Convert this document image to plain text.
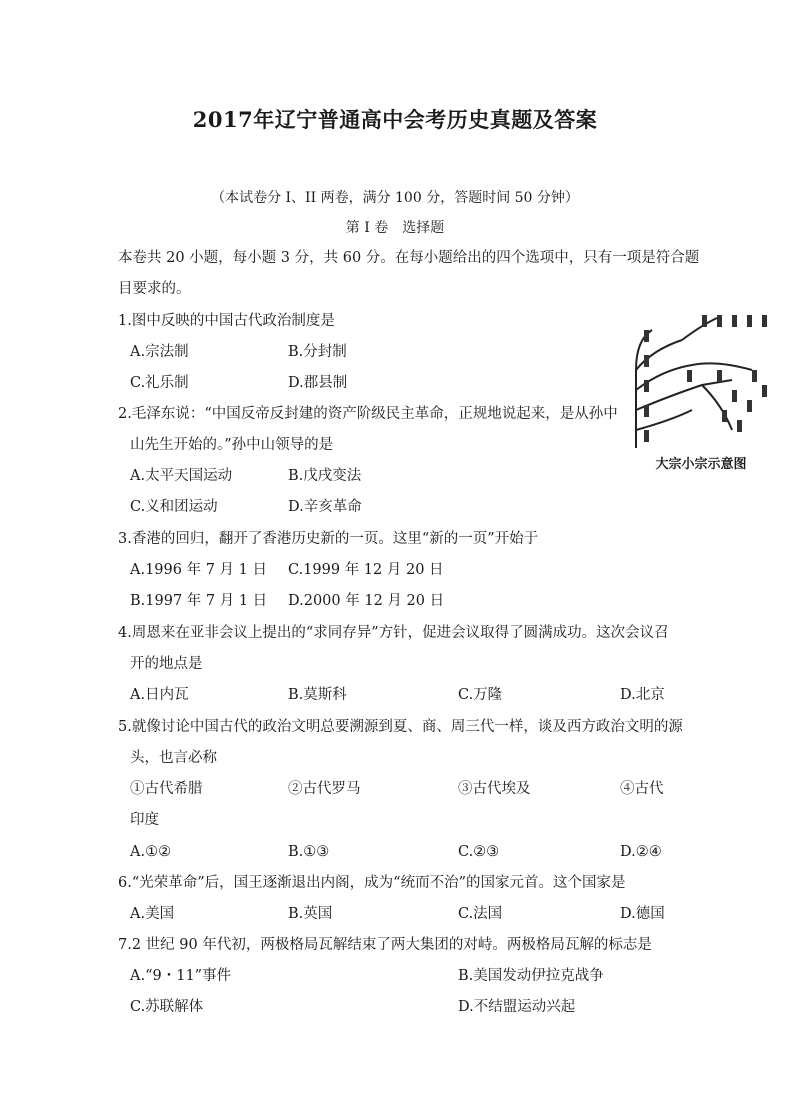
2017年辽宁普通高中会考历史真题及答案
（本试卷分 I、II 两卷，满分 100 分，答题时间 50 分钟）
第 I 卷　选择题
本卷共 20 小题，每小题 3 分，共 60 分。在每小题给出的四个选项中，只有一项是符合题
目要求的。
1.图中反映的中国古代政治制度是
A.宗法制	B.分封制
C.礼乐制	D.郡县制
大宗小宗示意图
2.毛泽东说：“中国反帝反封建的资产阶级民主革命，正规地说起来，是从孙中
山先生开始的。”孙中山领导的是
A.太平天国运动	B.戊戌变法
C.义和团运动	D.辛亥革命
3.香港的回归，翻开了香港历史新的一页。这里“新的一页”开始于
A.1996 年 7 月 1 日 C.1999 年 12 月 20 日
B.1997 年 7 月 1 日 D.2000 年 12 月 20 日
4.周恩来在亚非会议上提出的“求同存异”方针，促进会议取得了圆满成功。这次会议召
开的地点是
A.日内瓦	B.莫斯科	C.万隆	D.北京
5.就像讨论中国古代的政治文明总要溯源到夏、商、周三代一样，谈及西方政治文明的源
头，也言必称
①古代希腊	②古代罗马	③古代埃及	④古代
印度
A.①②	B.①③	C.②③	D.②④
6.“光荣革命”后，国王逐渐退出内阁，成为“统而不治”的国家元首。这个国家是
A.美国	B.英国	C.法国	D.德国
7.2 世纪 90 年代初，两极格局瓦解结束了两大集团的对峙。两极格局瓦解的标志是
A.“9・11”事件	B.美国发动伊拉克战争
C.苏联解体	D.不结盟运动兴起
